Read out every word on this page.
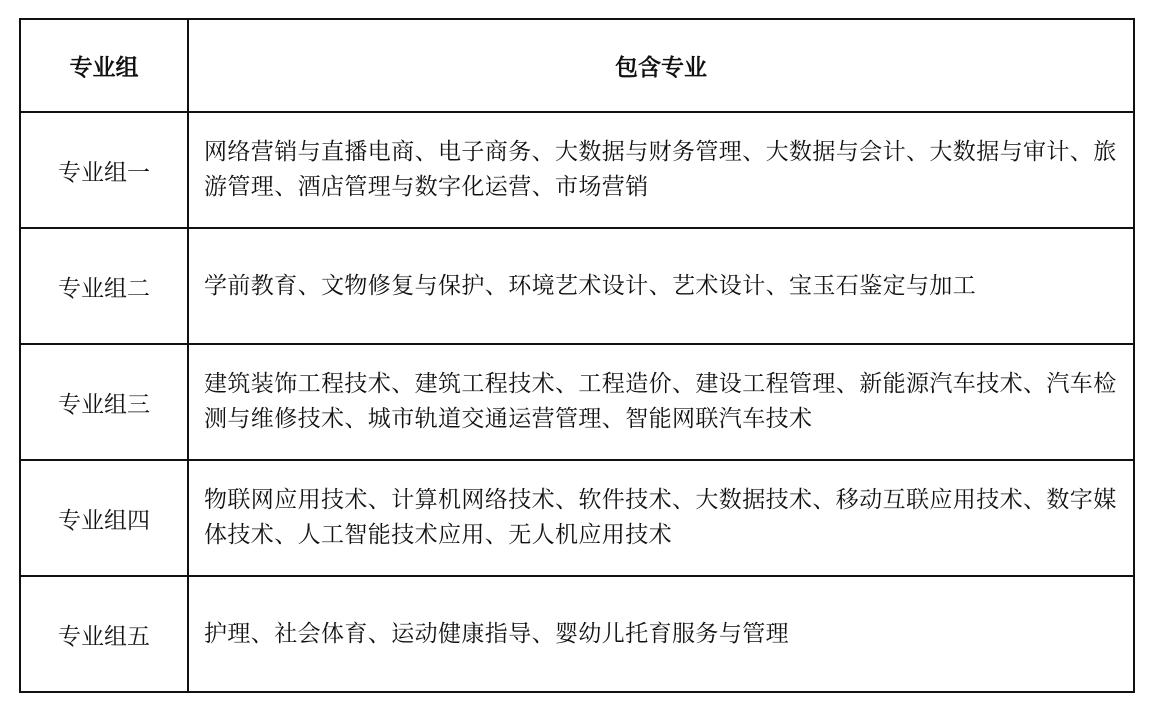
专业组	包含专业
专业组一	网络营销与直播电商、电子商务、大数据与财务管理、大数据与会计、大数据与审计、旅游管理、酒店管理与数字化运营、市场营销
专业组二	学前教育、文物修复与保护、环境艺术设计、艺术设计、宝玉石鉴定与加工
专业组三	建筑装饰工程技术、建筑工程技术、工程造价、建设工程管理、新能源汽车技术、汽车检测与维修技术、城市轨道交通运营管理、智能网联汽车技术
专业组四	物联网应用技术、计算机网络技术、软件技术、大数据技术、移动互联应用技术、数字媒体技术、人工智能技术应用、无人机应用技术
专业组五	护理、社会体育、运动健康指导、婴幼儿托育服务与管理
